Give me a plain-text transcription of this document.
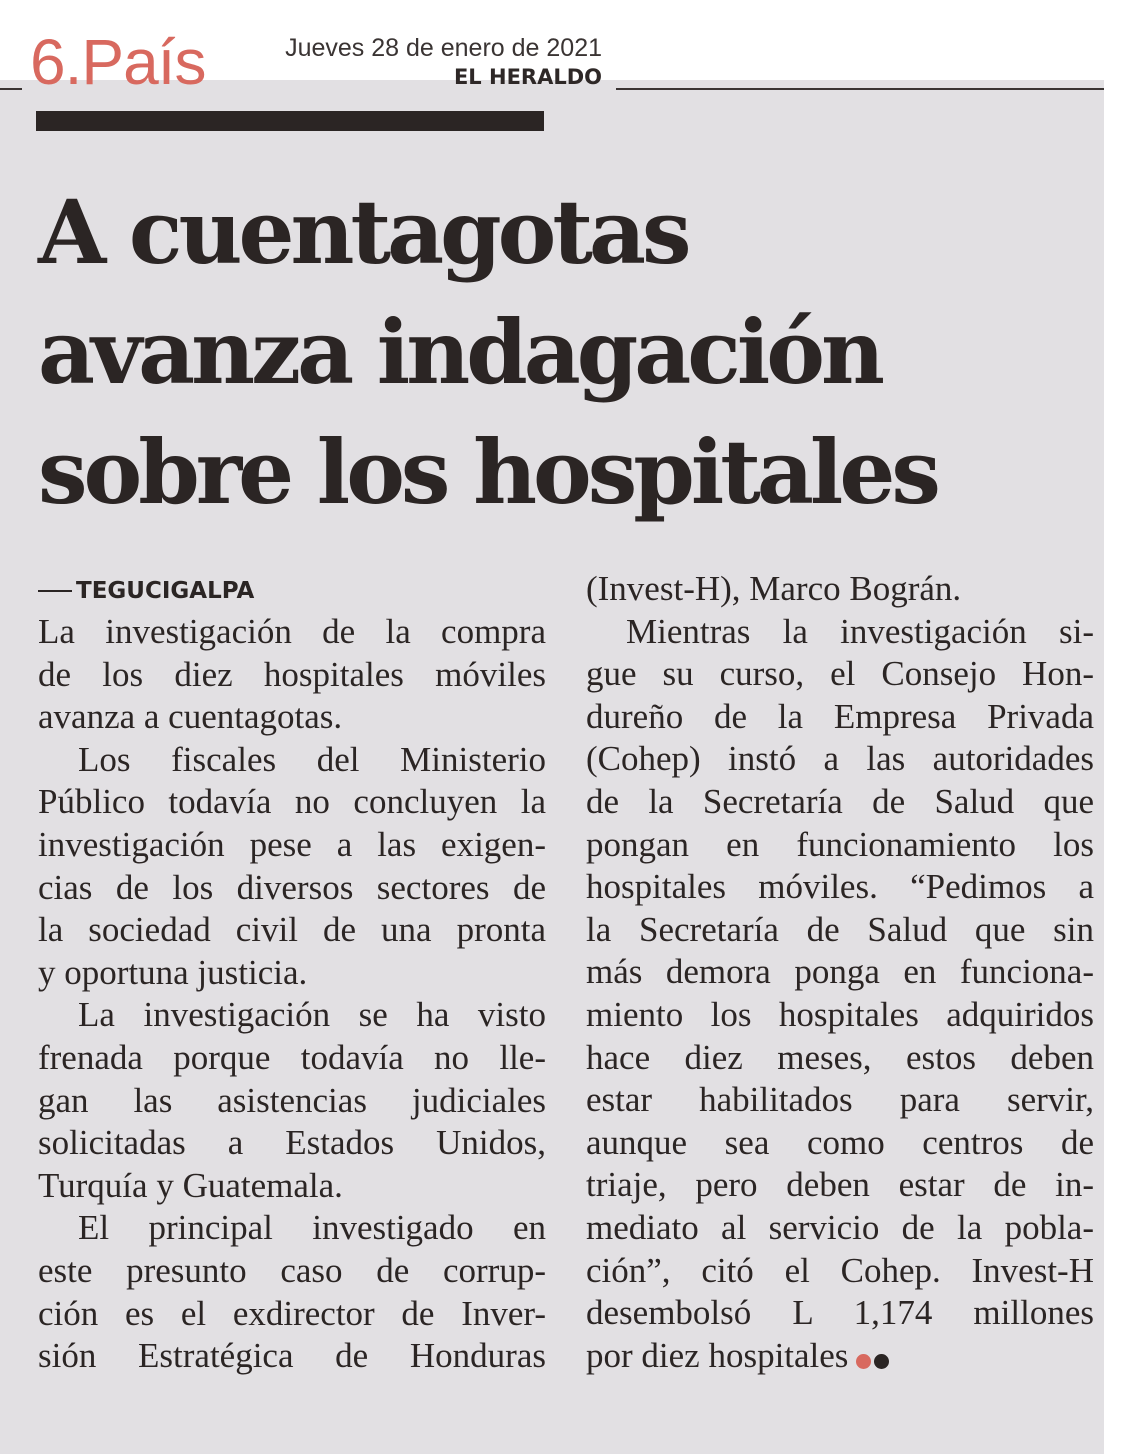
6.País	Jueves 28 de enero de 2021
EL HERALDO
A cuentagotas
avanza indagación
sobre los hospitales
TEGUCIGALPA
La investigación de la compra
de los diez hospitales móviles
avanza a cuentagotas.
Los fiscales del Ministerio
Público todavía no concluyen la
investigación pese a las exigen-
cias de los diversos sectores de
la sociedad civil de una pronta
y oportuna justicia.
La investigación se ha visto
frenada porque todavía no lle-
gan las asistencias judiciales
solicitadas a Estados Unidos,
Turquía y Guatemala.
El principal investigado en
este presunto caso de corrup-
ción es el exdirector de Inver-
sión Estratégica de Honduras
(Invest-H), Marco Bográn.
Mientras la investigación si-
gue su curso, el Consejo Hon-
dureño de la Empresa Privada
(Cohep) instó a las autoridades
de la Secretaría de Salud que
pongan en funcionamiento los
hospitales móviles. “Pedimos a
la Secretaría de Salud que sin
más demora ponga en funciona-
miento los hospitales adquiridos
hace diez meses, estos deben
estar habilitados para servir,
aunque sea como centros de
triaje, pero deben estar de in-
mediato al servicio de la pobla-
ción”, citó el Cohep. Invest-H
desembolsó L 1,174 millones
por diez hospitales
